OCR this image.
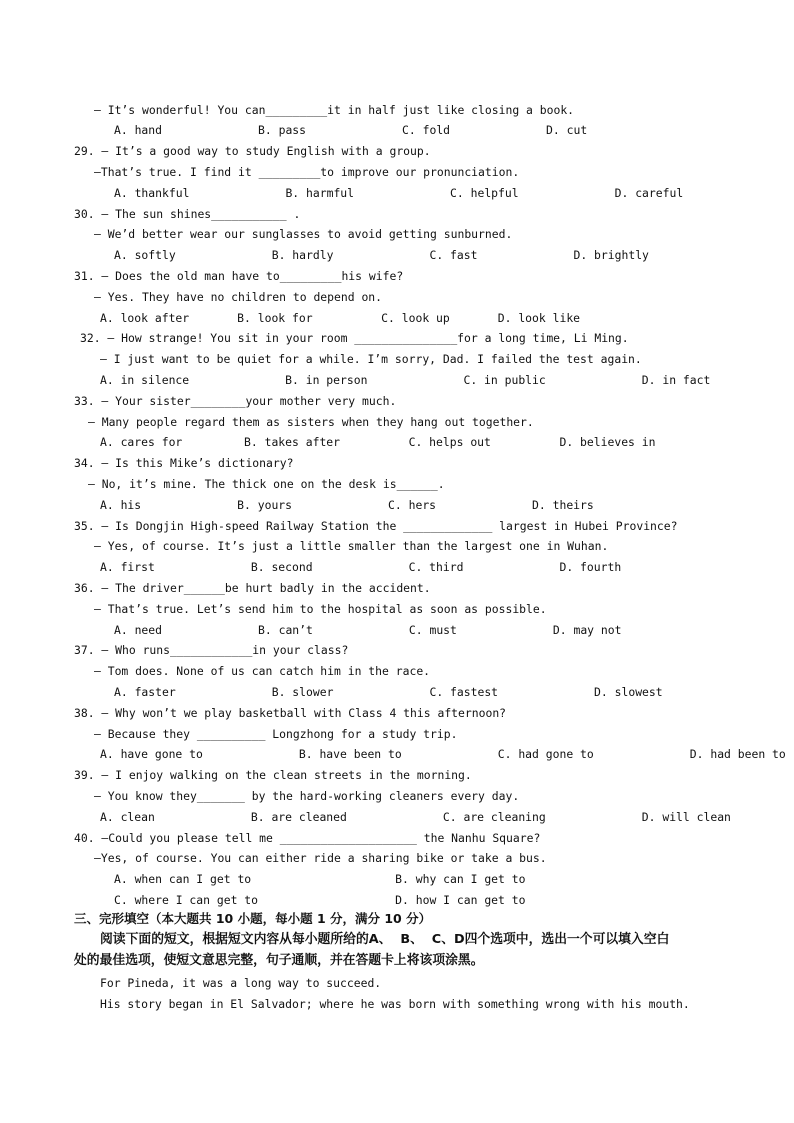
— It’s wonderful! You can_________it in half just like closing a book.
A. hand              B. pass              C. fold              D. cut
29. — It’s a good way to study English with a group.
—That’s true. I find it _________to improve our pronunciation.
A. thankful              B. harmful              C. helpful              D. careful
30. — The sun shines___________ .
— We’d better wear our sunglasses to avoid getting sunburned.
A. softly              B. hardly              C. fast              D. brightly
31. — Does the old man have to_________his wife?
— Yes. They have no children to depend on.
A. look after       B. look for          C. look up       D. look like
32. — How strange! You sit in your room _______________for a long time, Li Ming.
— I just want to be quiet for a while. I’m sorry, Dad. I failed the test again.
A. in silence              B. in person              C. in public              D. in fact
33. — Your sister________your mother very much.
— Many people regard them as sisters when they hang out together.
A. cares for         B. takes after          C. helps out          D. believes in
34. — Is this Mike’s dictionary?
— No, it’s mine. The thick one on the desk is______.
A. his              B. yours              C. hers              D. theirs
35. — Is Dongjin High-speed Railway Station the _____________ largest in Hubei Province?
— Yes, of course. It’s just a little smaller than the largest one in Wuhan.
A. first              B. second              C. third              D. fourth
36. — The driver______be hurt badly in the accident.
— That’s true. Let’s send him to the hospital as soon as possible.
A. need              B. can’t              C. must              D. may not
37. — Who runs____________in your class?
— Tom does. None of us can catch him in the race.
A. faster              B. slower              C. fastest              D. slowest
38. — Why won’t we play basketball with Class 4 this afternoon?
— Because they __________ Longzhong for a study trip.
A. have gone to              B. have been to              C. had gone to              D. had been to
39. — I enjoy walking on the clean streets in the morning.
— You know they_______ by the hard-working cleaners every day.
A. clean              B. are cleaned              C. are cleaning              D. will clean
40. —Could you please tell me ____________________ the Nanhu Square?
—Yes, of course. You can either ride a sharing bike or take a bus.
A. when can I get to                     B. why can I get to
C. where I can get to                    D. how I can get to
三、完形填空（本大题共 10 小题，每小题 1 分，满分 10 分）
阅读下面的短文，根据短文内容从每小题所给的A、  B、  C、D四个选项中，选出一个可以填入空白
处的最佳选项，使短文意思完整，句子通顺，并在答题卡上将该项涂黑。
For Pineda, it was a long way to succeed.
His story began in El Salvador; where he was born with something wrong with his mouth.
